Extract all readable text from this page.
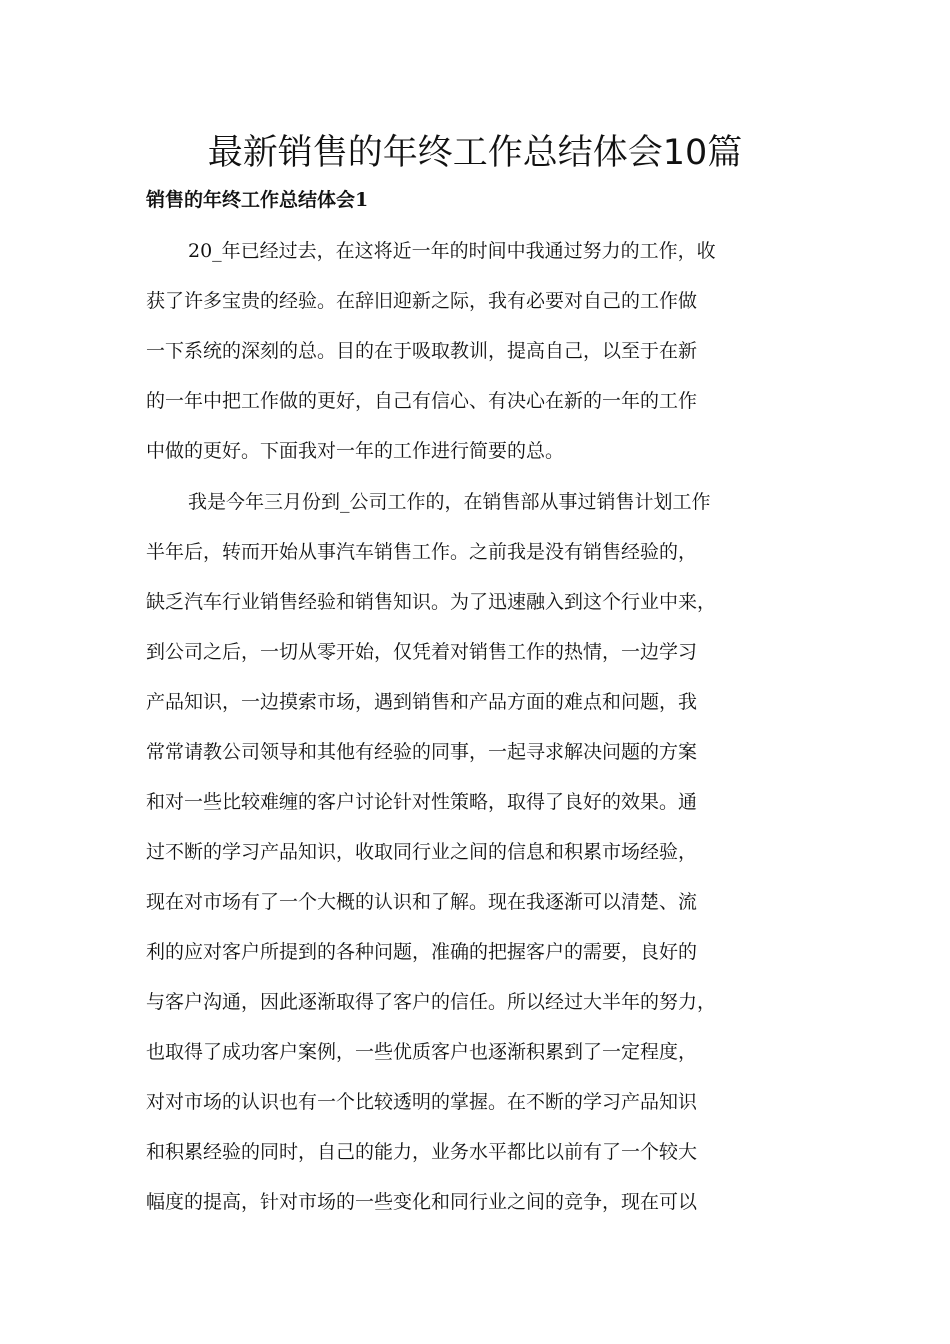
最新销售的年终工作总结体会10篇
销售的年终工作总结体会1

20_年已经过去，在这将近一年的时间中我通过努力的工作，收
获了许多宝贵的经验。在辞旧迎新之际，我有必要对自己的工作做
一下系统的深刻的总。目的在于吸取教训，提高自己，以至于在新
的一年中把工作做的更好，自己有信心、有决心在新的一年的工作
中做的更好。下面我对一年的工作进行简要的总。

我是今年三月份到_公司工作的，在销售部从事过销售计划工作
半年后，转而开始从事汽车销售工作。之前我是没有销售经验的，
缺乏汽车行业销售经验和销售知识。为了迅速融入到这个行业中来，
到公司之后，一切从零开始，仅凭着对销售工作的热情，一边学习
产品知识，一边摸索市场，遇到销售和产品方面的难点和问题，我
常常请教公司领导和其他有经验的同事，一起寻求解决问题的方案
和对一些比较难缠的客户讨论针对性策略，取得了良好的效果。通
过不断的学习产品知识，收取同行业之间的信息和积累市场经验，
现在对市场有了一个大概的认识和了解。现在我逐渐可以清楚、流
利的应对客户所提到的各种问题，准确的把握客户的需要，良好的
与客户沟通，因此逐渐取得了客户的信任。所以经过大半年的努力，
也取得了成功客户案例，一些优质客户也逐渐积累到了一定程度，
对对市场的认识也有一个比较透明的掌握。在不断的学习产品知识
和积累经验的同时，自己的能力，业务水平都比以前有了一个较大
幅度的提高，针对市场的一些变化和同行业之间的竞争，现在可以
